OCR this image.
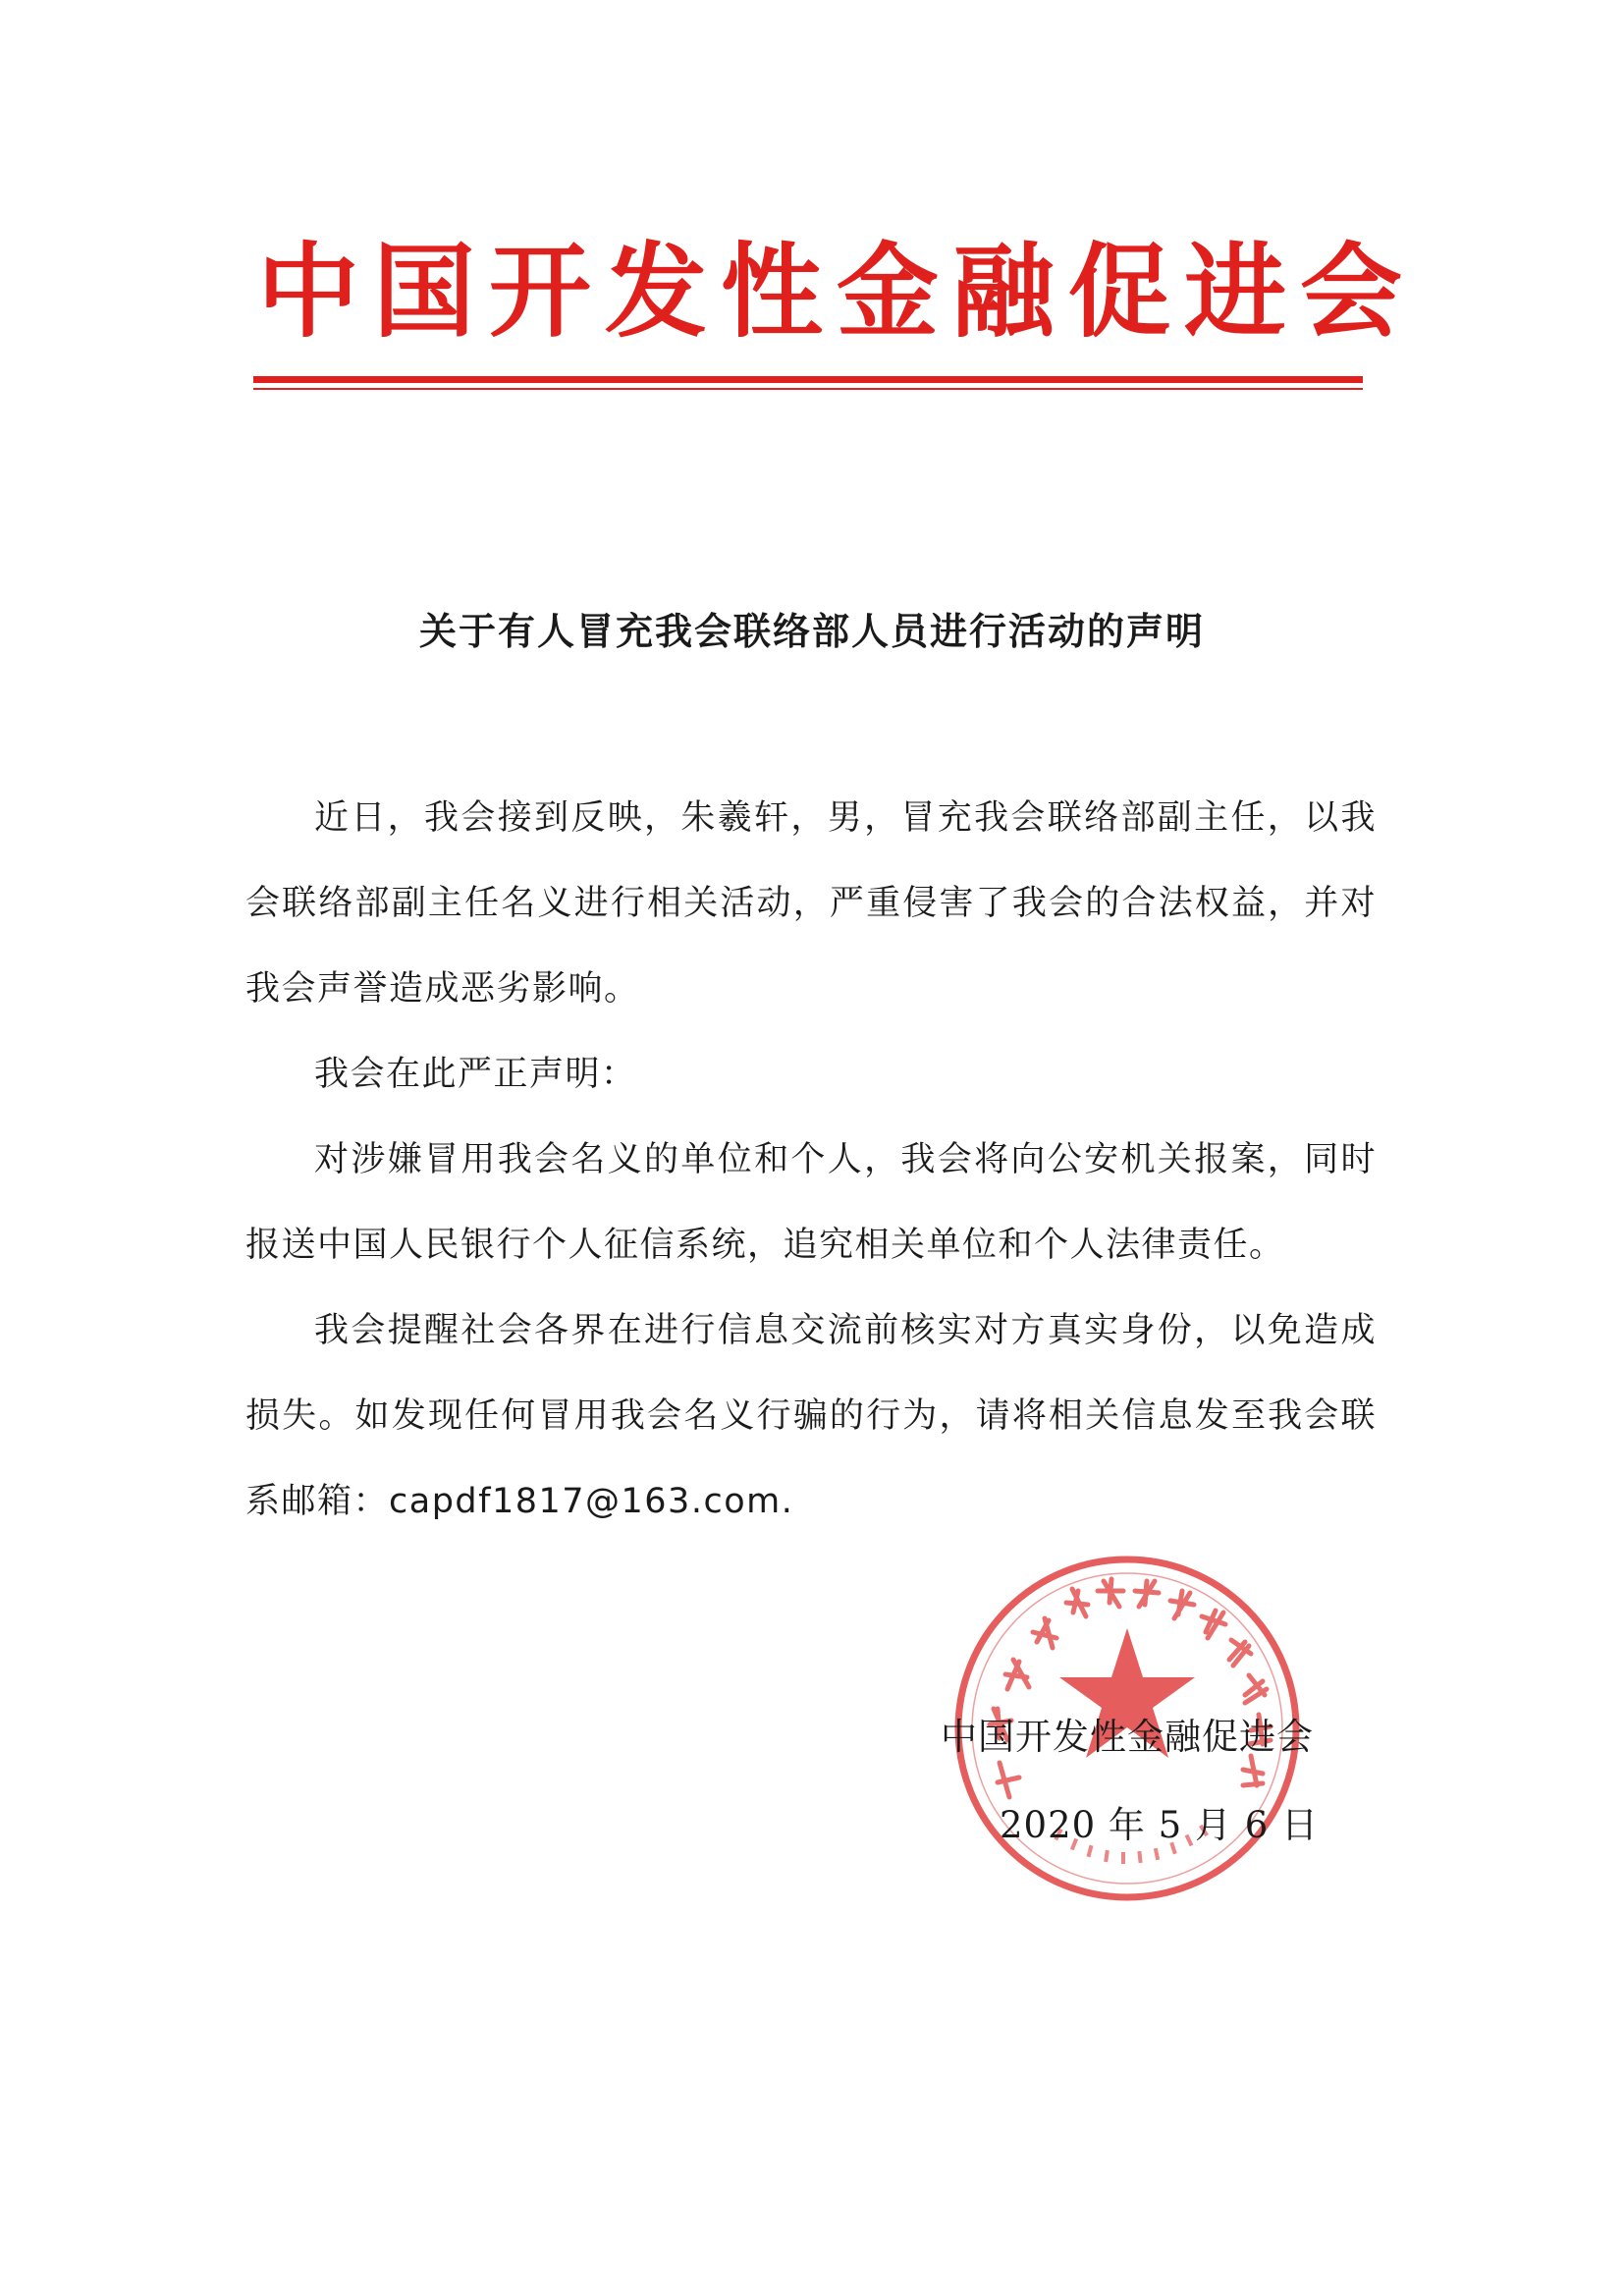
中国开发性金融促进会
关于有人冒充我会联络部人员进行活动的声明

近日，我会接到反映，朱羲轩，男，冒充我会联络部副主任，以我会联络部副主任名义进行相关活动，严重侵害了我会的合法权益，并对我会声誉造成恶劣影响。

我会在此严正声明：

对涉嫌冒用我会名义的单位和个人，我会将向公安机关报案，同时报送中国人民银行个人征信系统，追究相关单位和个人法律责任。

我会提醒社会各界在进行信息交流前核实对方真实身份，以免造成损失。如发现任何冒用我会名义行骗的行为，请将相关信息发至我会联系邮箱：capdf1817@163.com.

中国开发性金融促进会
2020 年 5 月 6 日
